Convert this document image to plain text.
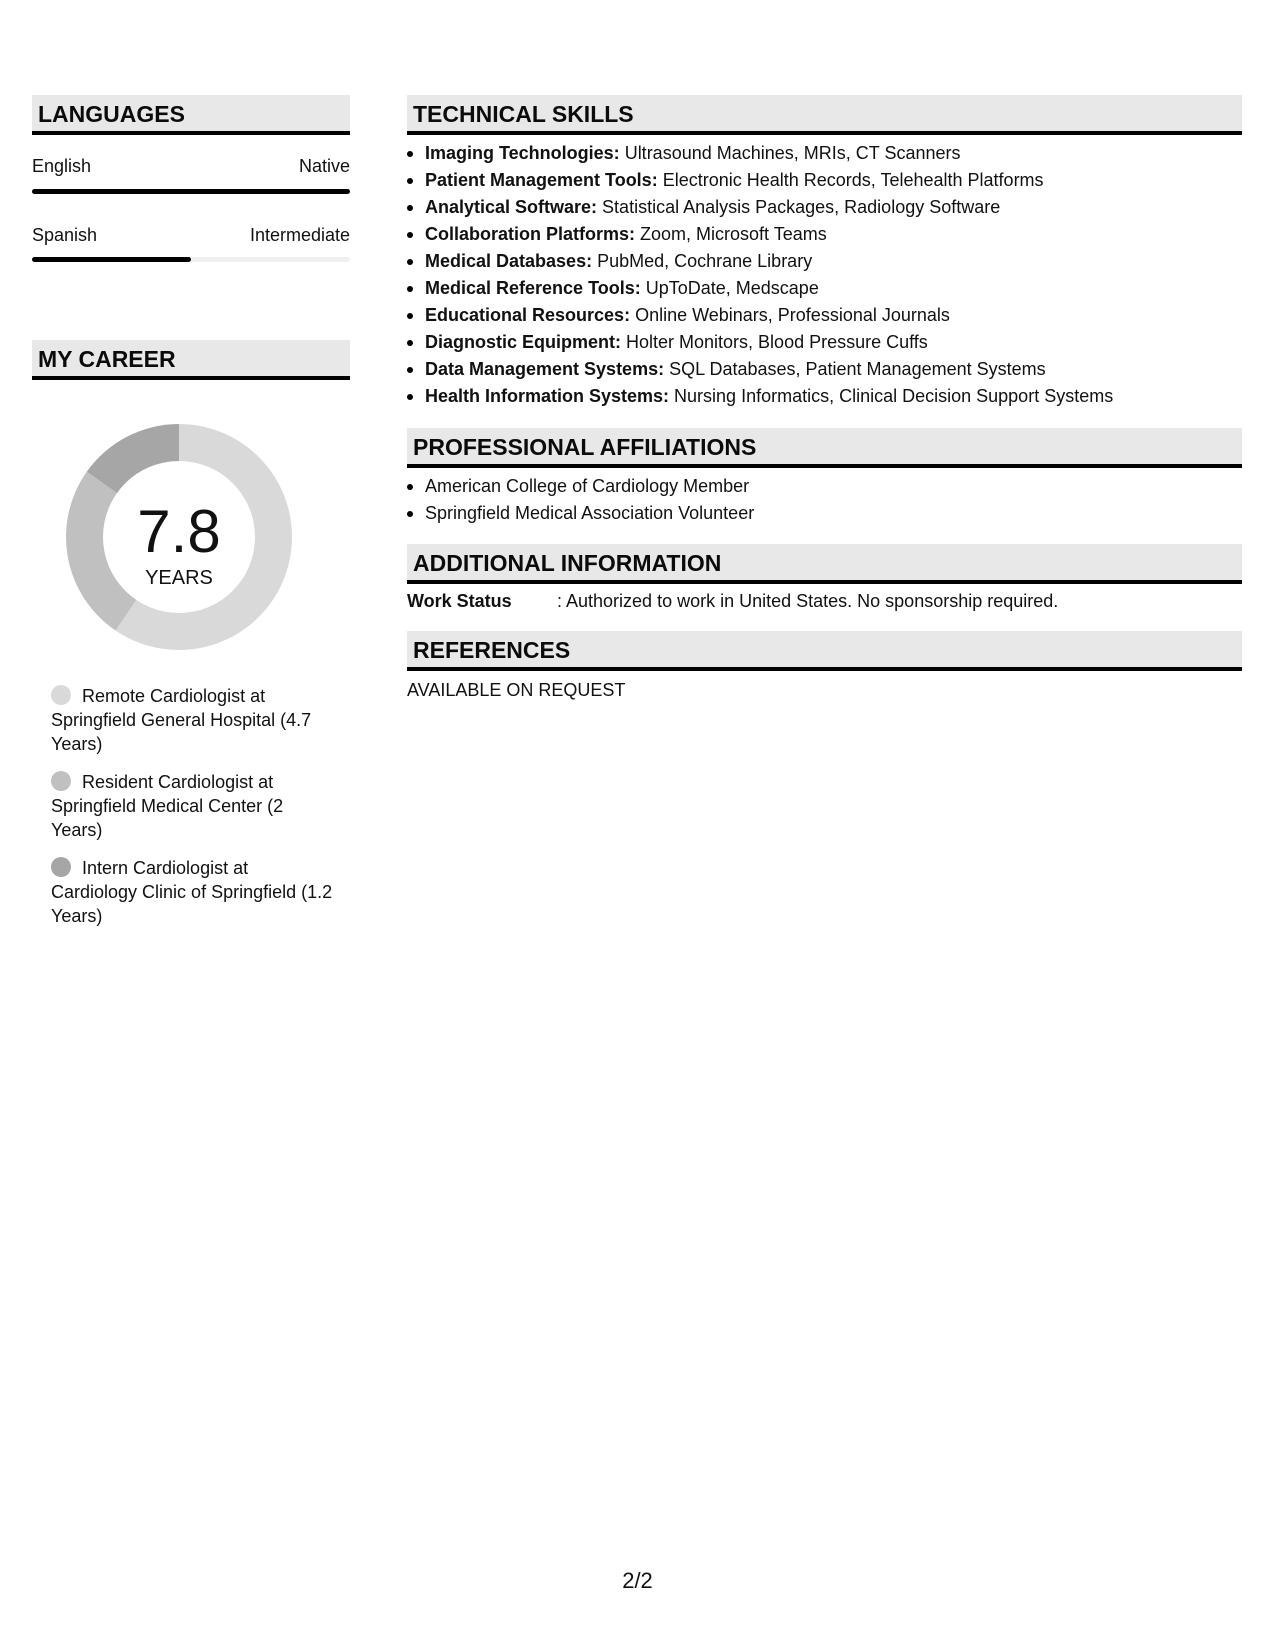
LANGUAGES
English	Native
Spanish	Intermediate
MY CAREER
7.8
YEARS
Remote Cardiologist at Springfield General Hospital (4.7 Years)
Resident Cardiologist at Springfield Medical Center (2 Years)
Intern Cardiologist at Cardiology Clinic of Springfield (1.2 Years)
TECHNICAL SKILLS
Imaging Technologies: Ultrasound Machines, MRIs, CT Scanners
Patient Management Tools: Electronic Health Records, Telehealth Platforms
Analytical Software: Statistical Analysis Packages, Radiology Software
Collaboration Platforms: Zoom, Microsoft Teams
Medical Databases: PubMed, Cochrane Library
Medical Reference Tools: UpToDate, Medscape
Educational Resources: Online Webinars, Professional Journals
Diagnostic Equipment: Holter Monitors, Blood Pressure Cuffs
Data Management Systems: SQL Databases, Patient Management Systems
Health Information Systems: Nursing Informatics, Clinical Decision Support Systems
PROFESSIONAL AFFILIATIONS
American College of Cardiology Member
Springfield Medical Association Volunteer
ADDITIONAL INFORMATION
Work Status	: Authorized to work in United States. No sponsorship required.
REFERENCES
AVAILABLE ON REQUEST
2/2
